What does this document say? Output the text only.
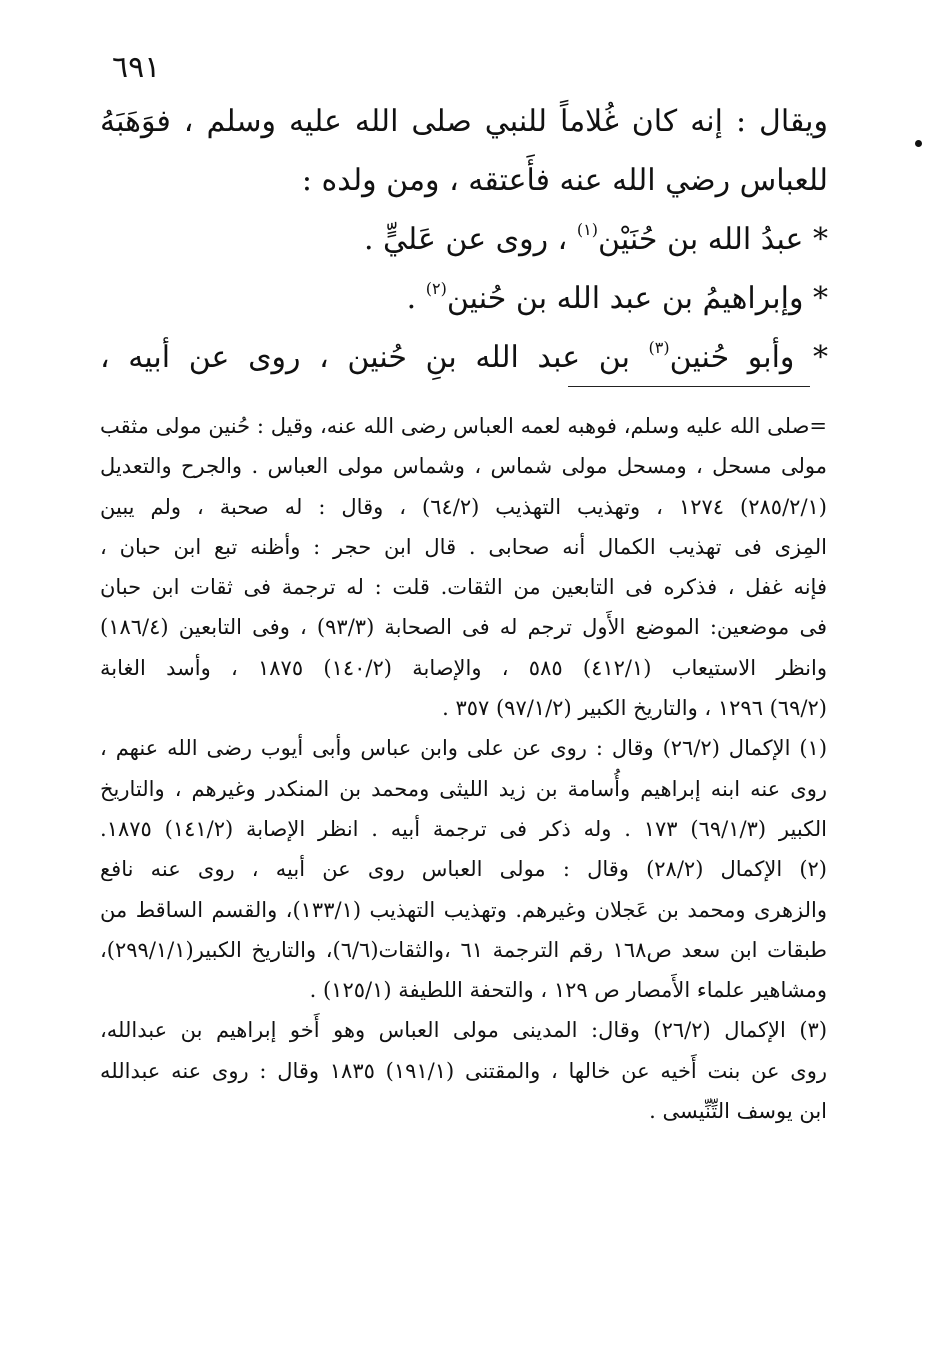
٦٩١
ويقال : إنه كان غُلاماً للنبي صلى الله عليه وسلم ، فوَهَبَهُ
للعباس رضي الله عنه فأَعتقه ، ومن ولده :
* عبدُ الله بن حُنَيْن$^{(١)}$ ، روى عن عَليٍّ .
* وإبراهيمُ بن عبد الله بن حُنين$^{(٢)}$ .
* وأبو حُنين$^{(٣)}$ بن عبد الله بنِ حُنين ، روى عن أبيه ،
=صلى الله عليه وسلم، فوهبه لعمه العباس رضى الله عنه، وقيل : حُنين مولى مثقب
مولى مسحل ، ومسحل مولى شماس ، وشماس مولى العباس . والجرح والتعديل
(٢٨٥/٢/١) ١٢٧٤ ، وتهذيب التهذيب (٦٤/٢) ، وقال : له صحبة ، ولم يبين
المِزى فى تهذيب الكمال أنه صحابى . قال ابن حجر : وأظنه تبع ابن حبان ،
فإنه غفل ، فذكره فى التابعين من الثقات. قلت : له ترجمة فى ثقات ابن حبان
فى موضعين: الموضع الأَول ترجم له فى الصحابة (٩٣/٣) ، وفى التابعين (١٨٦/٤)
وانظر الاستيعاب (٤١٢/١) ٥٨٥ ، والإصابة (١٤٠/٢) ١٨٧٥ ، وأسد الغابة
(٦٩/٢) ١٢٩٦ ، والتاريخ الكبير (٩٧/١/٢) ٣٥٧ .
(١) الإكمال (٢٦/٢) وقال : روى عن على وابن عباس وأبى أيوب رضى الله عنهم ،
روى عنه ابنه إبراهيم وأُسامة بن زيد الليثى ومحمد بن المنكدر وغيرهم ، والتاريخ
الكبير (٦٩/١/٣) ١٧٣ . وله ذكر فى ترجمة أبيه . انظر الإصابة (١٤١/٢) ١٨٧٥.
(٢) الإكمال (٢٨/٢) وقال : مولى العباس روى عن أبيه ، روى عنه نافع
والزهرى ومحمد بن عَجلان وغيرهم. وتهذيب التهذيب (١٣٣/١)، والقسم الساقط من
طبقات ابن سعد ص١٦٨ رقم الترجمة ٦١ ،والثقات(٦/٦)، والتاريخ الكبير(٢٩٩/١/١)،
ومشاهير علماء الأَمصار ص ١٢٩ ، والتحفة اللطيفة (١٢٥/١) .
(٣) الإكمال (٢٦/٢) وقال: المدينى مولى العباس وهو أَخو إبراهيم بن عبدالله،
روى عن بنت أَخيه عن خالها ، والمقتنى (١٩١/١) ١٨٣٥ وقال : روى عنه عبدالله
ابن يوسف التِّنِّيسى .
